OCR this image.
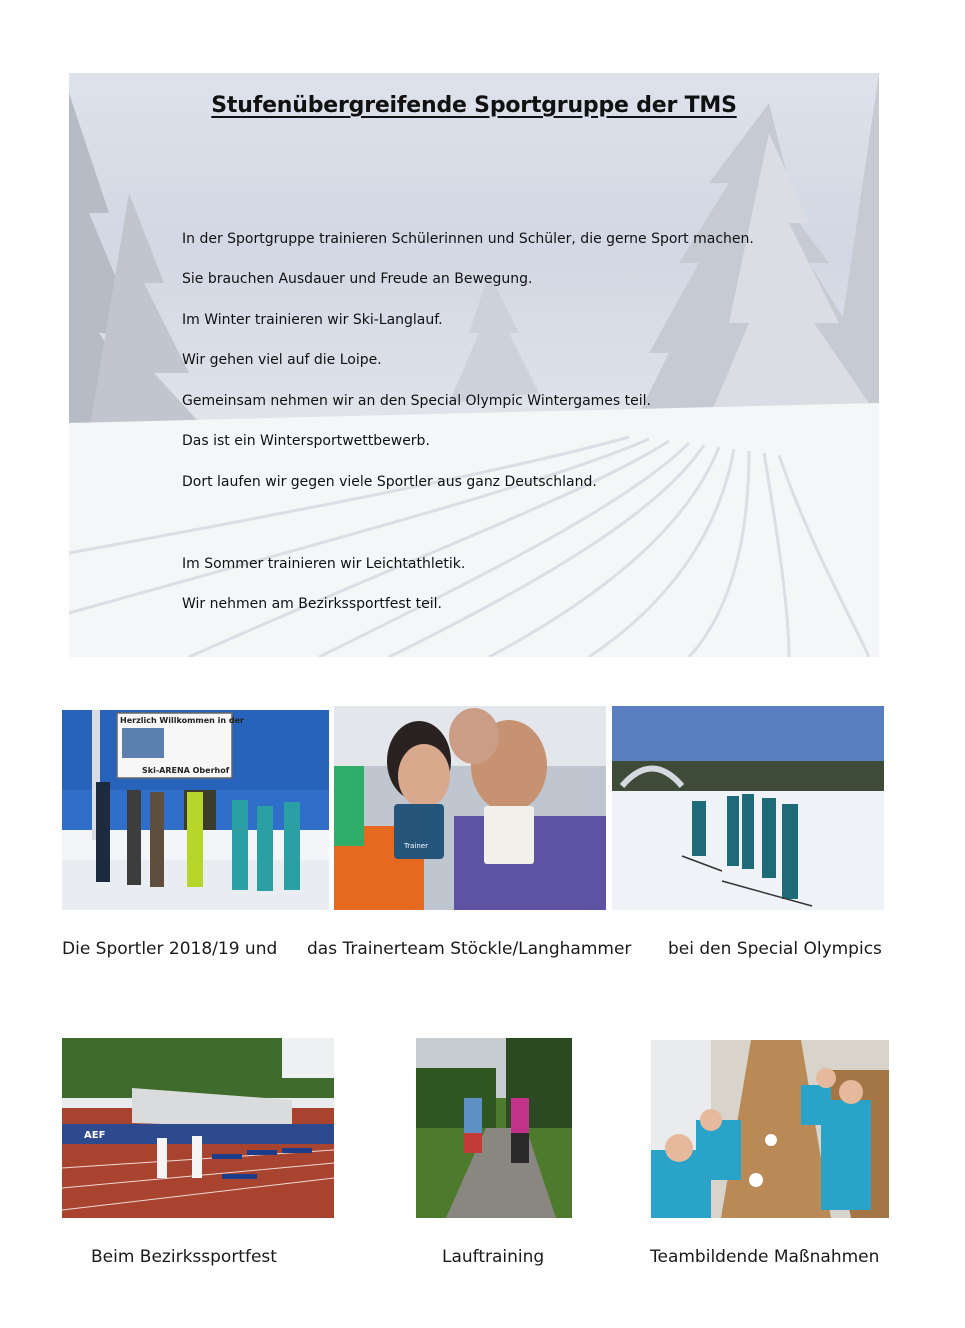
Stufenübergreifende Sportgruppe der TMS

In der Sportgruppe trainieren Schülerinnen und Schüler, die gerne Sport machen.

Sie brauchen Ausdauer und Freude an Bewegung.

Im Winter trainieren wir Ski-Langlauf.

Wir gehen viel auf die Loipe.

Gemeinsam nehmen wir an den Special Olympic Wintergames teil.

Das ist ein Wintersportwettbewerb.

Dort laufen wir gegen viele Sportler aus ganz Deutschland.

Im Sommer trainieren wir Leichtathletik.

Wir nehmen am Bezirkssportfest teil.

Herzlich Willkommen in der
Ski-ARENA Oberhof
Trainer

Die Sportler 2018/19 und das Trainerteam Stöckle/Langhammer bei den Special Olympics

AEF

Beim Bezirkssportfest	Lauftraining	Teambildende Maßnahmen
